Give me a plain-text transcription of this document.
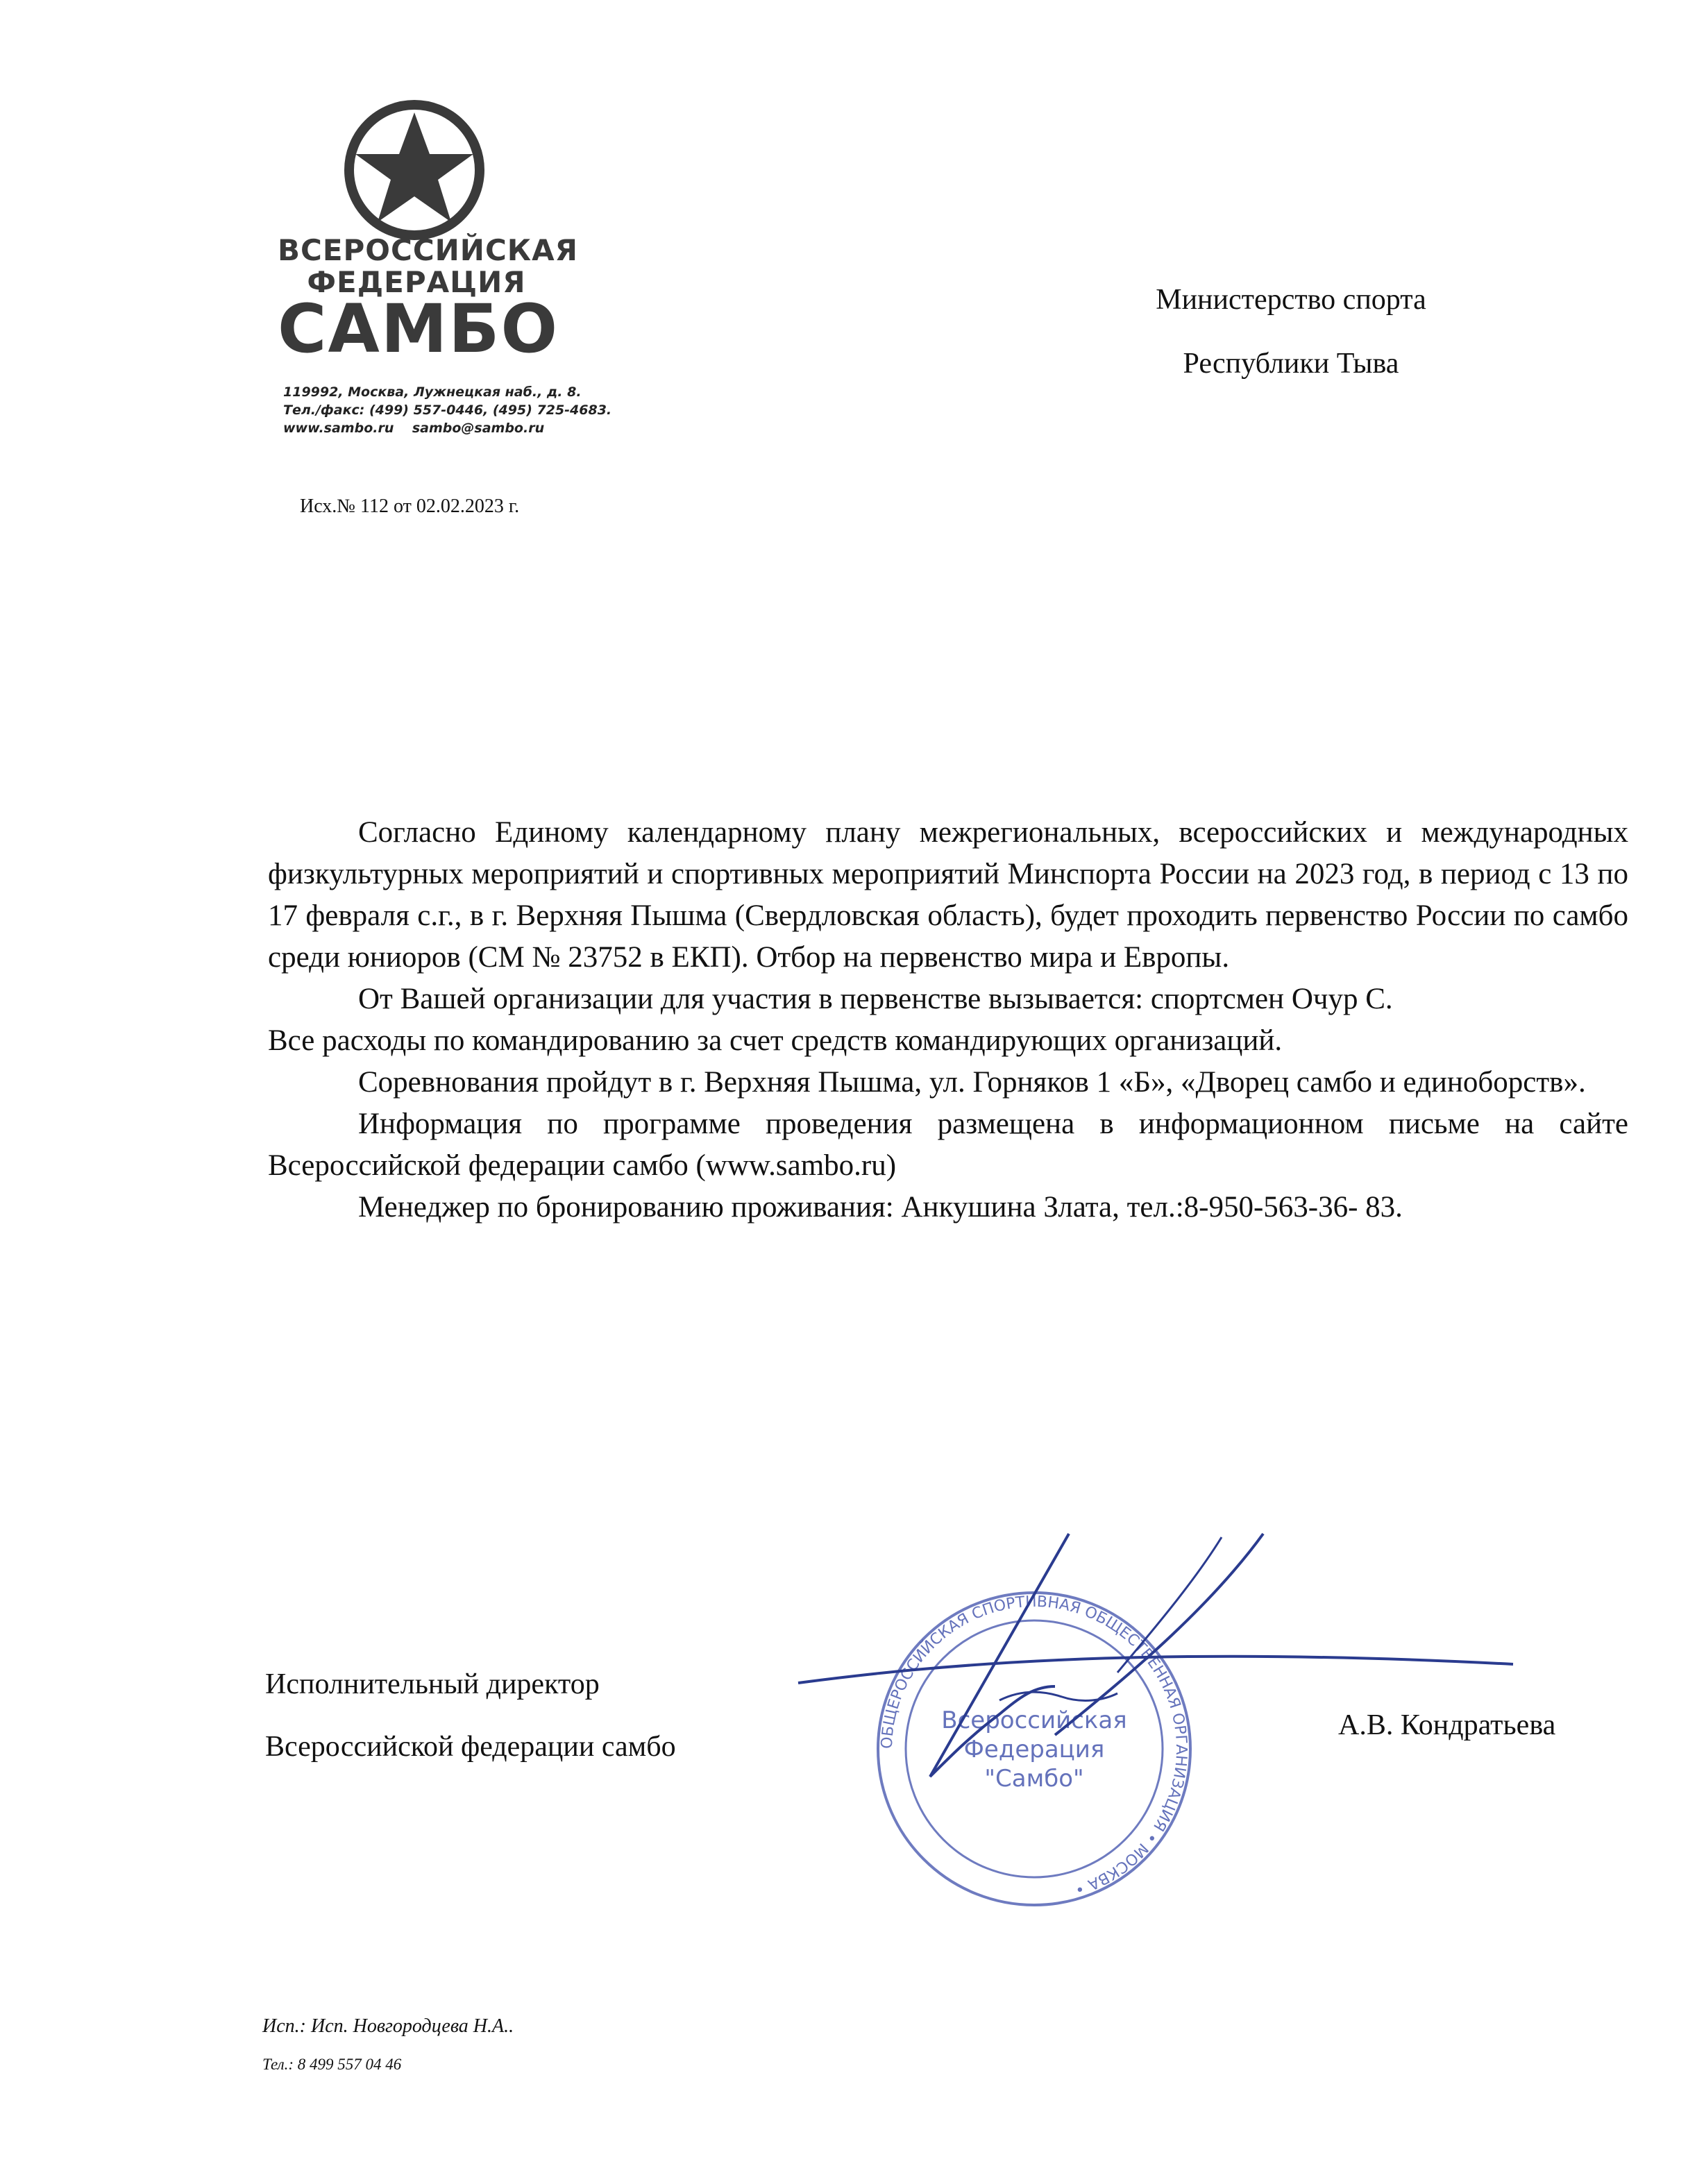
ВСЕРОССИЙСКАЯ
ФЕДЕРАЦИЯ
САМБО
119992, Москва, Лужнецкая наб., д. 8.
Тел./факс: (499) 557-0446, (495) 725-4683.
www.sambo.ru    sambo@sambo.ru
Министерство спорта
Республики Тыва
Исх.№ 112 от 02.02.2023 г.

Согласно Единому календарному плану межрегиональных, всероссийских и международных физкультурных мероприятий и спортивных мероприятий Минспорта России на 2023 год, в период с 13 по 17 февраля с.г., в г. Верхняя Пышма (Свердловская область), будет проходить первенство России по самбо среди юниоров (СМ № 23752 в ЕКП). Отбор на первенство мира и Европы.

От Вашей организации для участия в первенстве вызывается: спортсмен Очур С.

Все расходы по командированию за счет средств командирующих организаций.

Соревнования пройдут в г. Верхняя Пышма, ул. Горняков 1 «Б», «Дворец самбо и единоборств».

Информация по программе проведения размещена в информационном письме на сайте Всероссийской федерации самбо (www.sambo.ru)

Менеджер по бронированию проживания: Анкушина Злата, тел.:8-950-563-36- 83.

Исполнительный директор
Всероссийской федерации самбо	ОБЩЕРОССИЙСКАЯ СПОРТИВНАЯ ОБЩЕСТВЕННАЯ ОРГАНИЗАЦИЯ • МОСКВА •
Всероссийская
Федерация
"Самбо"
А.В. Кондратьева
Исп.: Исп. Новгородцева Н.А..
Тел.: 8 499 557 04 46
